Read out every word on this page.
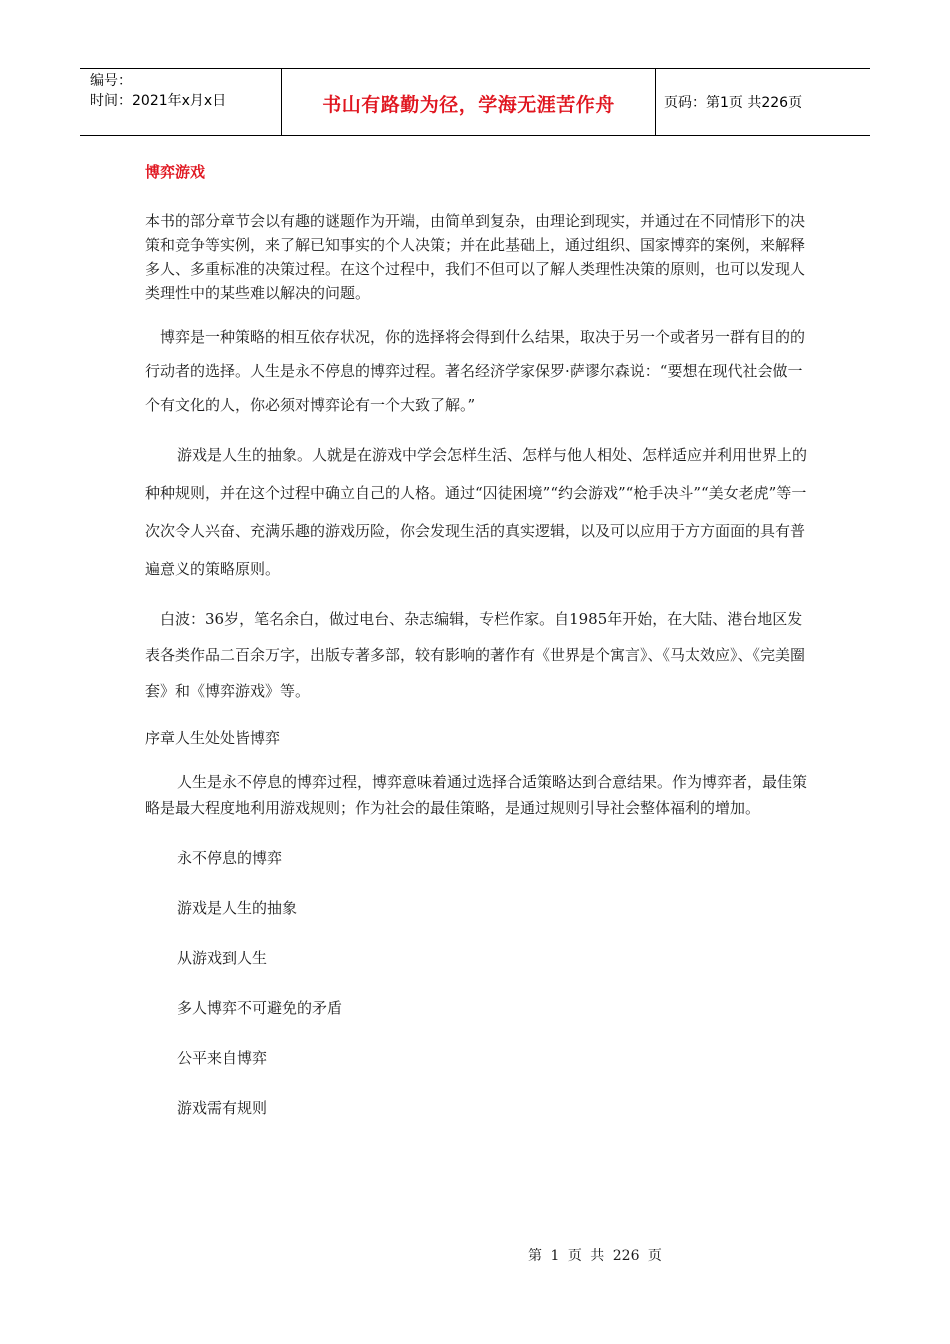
编号：
时间：2021年x月x日	书山有路勤为径，学海无涯苦作舟	页码：第1页 共226页
博弈游戏

本书的部分章节会以有趣的谜题作为开端，由简单到复杂，由理论到现实，并通过在不同情形下的决策和竞争等实例，来了解已知事实的个人决策；并在此基础上，通过组织、国家博弈的案例，来解释多人、多重标准的决策过程。在这个过程中，我们不但可以了解人类理性决策的原则，也可以发现人类理性中的某些难以解决的问题。

博弈是一种策略的相互依存状况，你的选择将会得到什么结果，取决于另一个或者另一群有目的的行动者的选择。人生是永不停息的博弈过程。著名经济学家保罗·萨谬尔森说：“要想在现代社会做一个有文化的人，你必须对博弈论有一个大致了解。”

游戏是人生的抽象。人就是在游戏中学会怎样生活、怎样与他人相处、怎样适应并利用世界上的种种规则，并在这个过程中确立自己的人格。通过“囚徒困境”“约会游戏”“枪手决斗”“美女老虎”等一次次令人兴奋、充满乐趣的游戏历险，你会发现生活的真实逻辑，以及可以应用于方方面面的具有普遍意义的策略原则。

白波：36岁，笔名余白，做过电台、杂志编辑，专栏作家。自1985年开始，在大陆、港台地区发表各类作品二百余万字，出版专著多部，较有影响的著作有《世界是个寓言》、《马太效应》、《完美圈套》和《博弈游戏》等。

序章人生处处皆博弈

人生是永不停息的博弈过程，博弈意味着通过选择合适策略达到合意结果。作为博弈者，最佳策略是最大程度地利用游戏规则；作为社会的最佳策略，是通过规则引导社会整体福利的增加。

永不停息的博弈
游戏是人生的抽象
从游戏到人生
多人博弈不可避免的矛盾
公平来自博弈
游戏需有规则
第 1 页 共 226 页
